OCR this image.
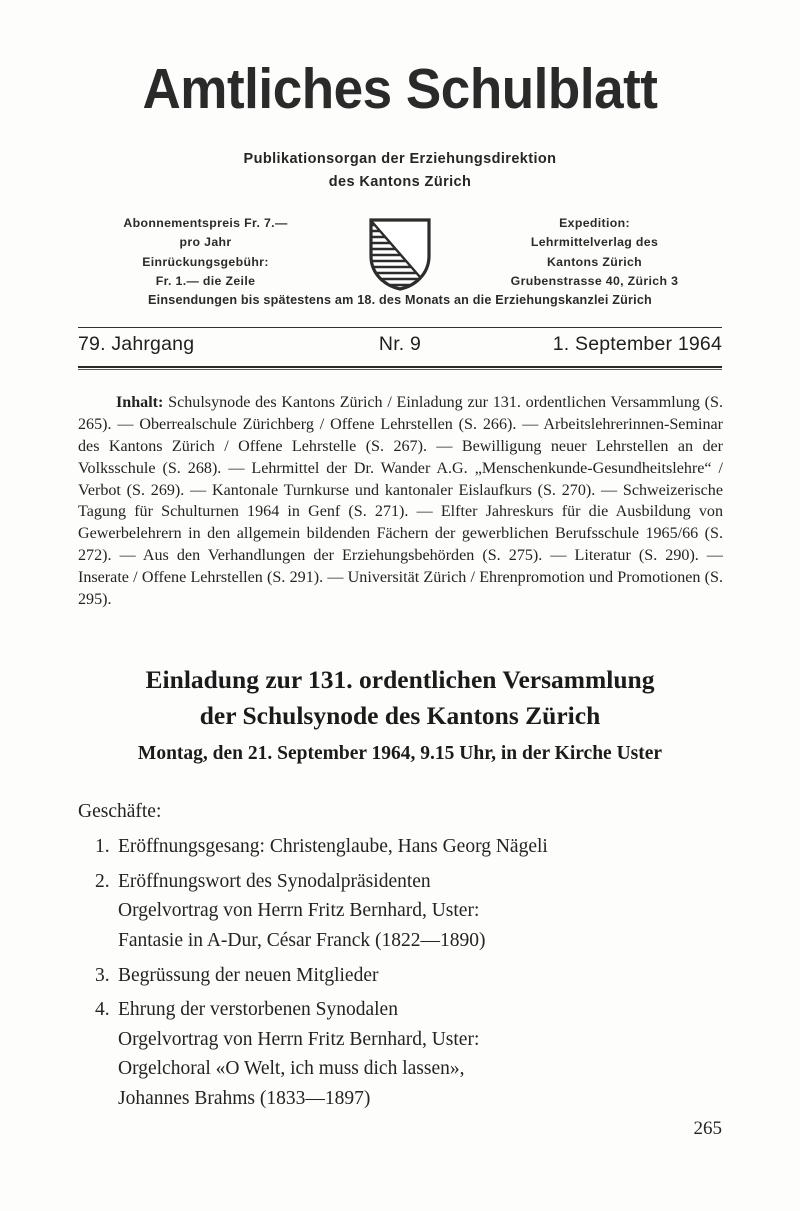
Amtliches Schulblatt
Publikationsorgan der Erziehungsdirektion
des Kantons Zürich
Abonnementspreis Fr. 7.—
pro Jahr
Einrückungsgebühr:
Fr. 1.— die Zeile
Expedition:
Lehrmittelverlag des
Kantons Zürich
Grubenstrasse 40, Zürich 3
Einsendungen bis spätestens am 18. des Monats an die Erziehungskanzlei Zürich
79. Jahrgang	Nr. 9	1. September 1964
Inhalt: Schulsynode des Kantons Zürich / Einladung zur 131. ordentlichen Versammlung (S. 265). — Oberrealschule Zürichberg / Offene Lehrstellen (S. 266). — Arbeitslehrerinnen-Seminar des Kantons Zürich / Offene Lehrstelle (S. 267). — Bewilligung neuer Lehrstellen an der Volksschule (S. 268). — Lehrmittel der Dr. Wander A.G. „Menschenkunde-Gesundheitslehre“ / Verbot (S. 269). — Kantonale Turnkurse und kantonaler Eislaufkurs (S. 270). — Schweizerische Tagung für Schulturnen 1964 in Genf (S. 271). — Elfter Jahreskurs für die Ausbildung von Gewerbelehrern in den allgemein bildenden Fächern der gewerblichen Berufsschule 1965/66 (S. 272). — Aus den Verhandlungen der Erziehungsbehörden (S. 275). — Literatur (S. 290). — Inserate / Offene Lehrstellen (S. 291). — Universität Zürich / Ehrenpromotion und Promotionen (S. 295).
Einladung zur 131. ordentlichen Versammlung
der Schulsynode des Kantons Zürich
Montag, den 21. September 1964, 9.15 Uhr, in der Kirche Uster
Geschäfte:
1. Eröffnungsgesang: Christenglaube, Hans Georg Nägeli
2. Eröffnungswort des Synodalpräsidenten
Orgelvortrag von Herrn Fritz Bernhard, Uster:
Fantasie in A-Dur, César Franck (1822—1890)
3. Begrüssung der neuen Mitglieder
4. Ehrung der verstorbenen Synodalen
Orgelvortrag von Herrn Fritz Bernhard, Uster:
Orgelchoral «O Welt, ich muss dich lassen»,
Johannes Brahms (1833—1897)
265
